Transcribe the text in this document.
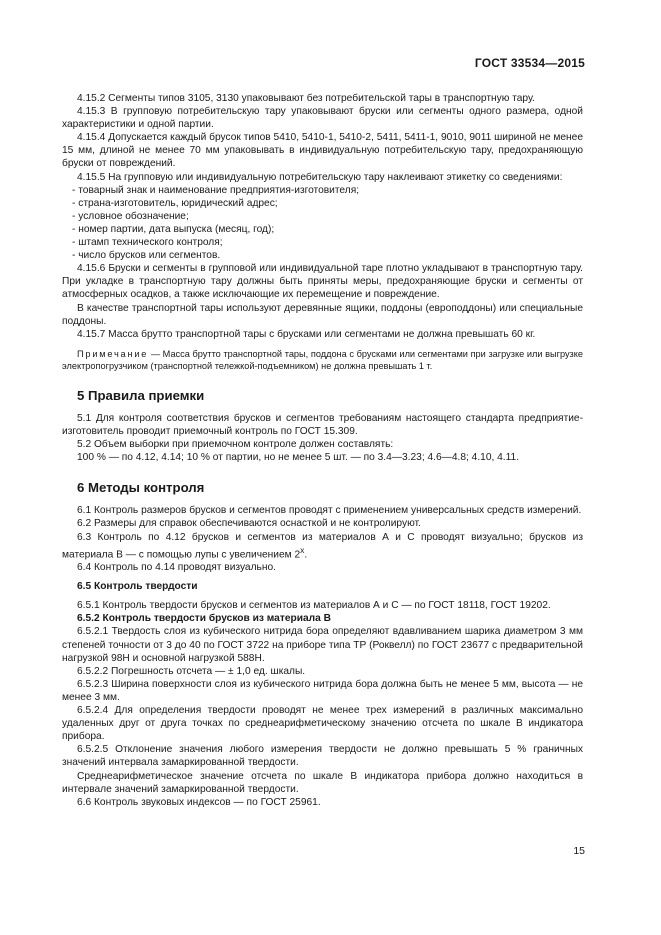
ГОСТ 33534—2015

4.15.2 Сегменты типов 3105, 3130 упаковывают без потребительской тары в транспортную тару.

4.15.3 В групповую потребительскую тару упаковывают бруски или сегменты одного размера, одной характеристики и одной партии.

4.15.4 Допускается каждый брусок типов 5410, 5410-1, 5410-2, 5411, 5411-1, 9010, 9011 шириной не менее 15 мм, длиной не менее 70 мм упаковывать в индивидуальную потребительскую тару, предохраняющую бруски от повреждений.

4.15.5 На групповую или индивидуальную потребительскую тару наклеивают этикетку со сведениями:

- товарный знак и наименование предприятия-изготовителя;

- страна-изготовитель, юридический адрес;

- условное обозначение;

- номер партии, дата выпуска (месяц, год);

- штамп технического контроля;

- число брусков или сегментов.

4.15.6 Бруски и сегменты в групповой или индивидуальной таре плотно укладывают в транспортную тару. При укладке в транспортную тару должны быть приняты меры, предохраняющие бруски и сегменты от атмосферных осадков, а также исключающие их перемещение и повреждение.

В качестве транспортной тары используют деревянные ящики, поддоны (европоддоны) или специальные поддоны.

4.15.7 Масса брутто транспортной тары с брусками или сегментами не должна превышать 60 кг.

Примечание — Масса брутто транспортной тары, поддона с брусками или сегментами при загрузке или выгрузке электропогрузчиком (транспортной тележкой-подъемником) не должна превышать 1 т.

5 Правила приемки

5.1 Для контроля соответствия брусков и сегментов требованиям настоящего стандарта предприятие-изготовитель проводит приемочный контроль по ГОСТ 15.309.

5.2 Объем выборки при приемочном контроле должен составлять:

100 % — по 4.12, 4.14; 10 % от партии, но не менее 5 шт. — по 3.4—3.23; 4.6—4.8; 4.10, 4.11.

6 Методы контроля

6.1 Контроль размеров брусков и сегментов проводят с применением универсальных средств измерений.

6.2 Размеры для справок обеспечиваются оснасткой и не контролируют.

6.3 Контроль по 4.12 брусков и сегментов из материалов А и С проводят визуально; брусков из материала В — с помощью лупы с увеличением $2^х$.

6.4 Контроль по 4.14 проводят визуально.

6.5 Контроль твердости

6.5.1 Контроль твердости брусков и сегментов из материалов А и С — по ГОСТ 18118, ГОСТ 19202.

6.5.2 Контроль твердости брусков из материала В

6.5.2.1 Твердость слоя из кубического нитрида бора определяют вдавливанием шарика диаметром 3 мм степеней точности от 3 до 40 по ГОСТ 3722 на приборе типа ТР (Роквелл) по ГОСТ 23677 с предварительной нагрузкой 98Н и основной нагрузкой 588Н.

6.5.2.2 Погрешность отсчета — ± 1,0 ед. шкалы.

6.5.2.3 Ширина поверхности слоя из кубического нитрида бора должна быть не менее 5 мм, высота — не менее 3 мм.

6.5.2.4 Для определения твердости проводят не менее трех измерений в различных максимально удаленных друг от друга точках по среднеарифметическому значению отсчета по шкале В индикатора прибора.

6.5.2.5 Отклонение значения любого измерения твердости не должно превышать 5 % граничных значений интервала замаркированной твердости.

Среднеарифметическое значение отсчета по шкале В индикатора прибора должно находиться в интервале значений замаркированной твердости.

6.6 Контроль звуковых индексов — по ГОСТ 25961.

15
